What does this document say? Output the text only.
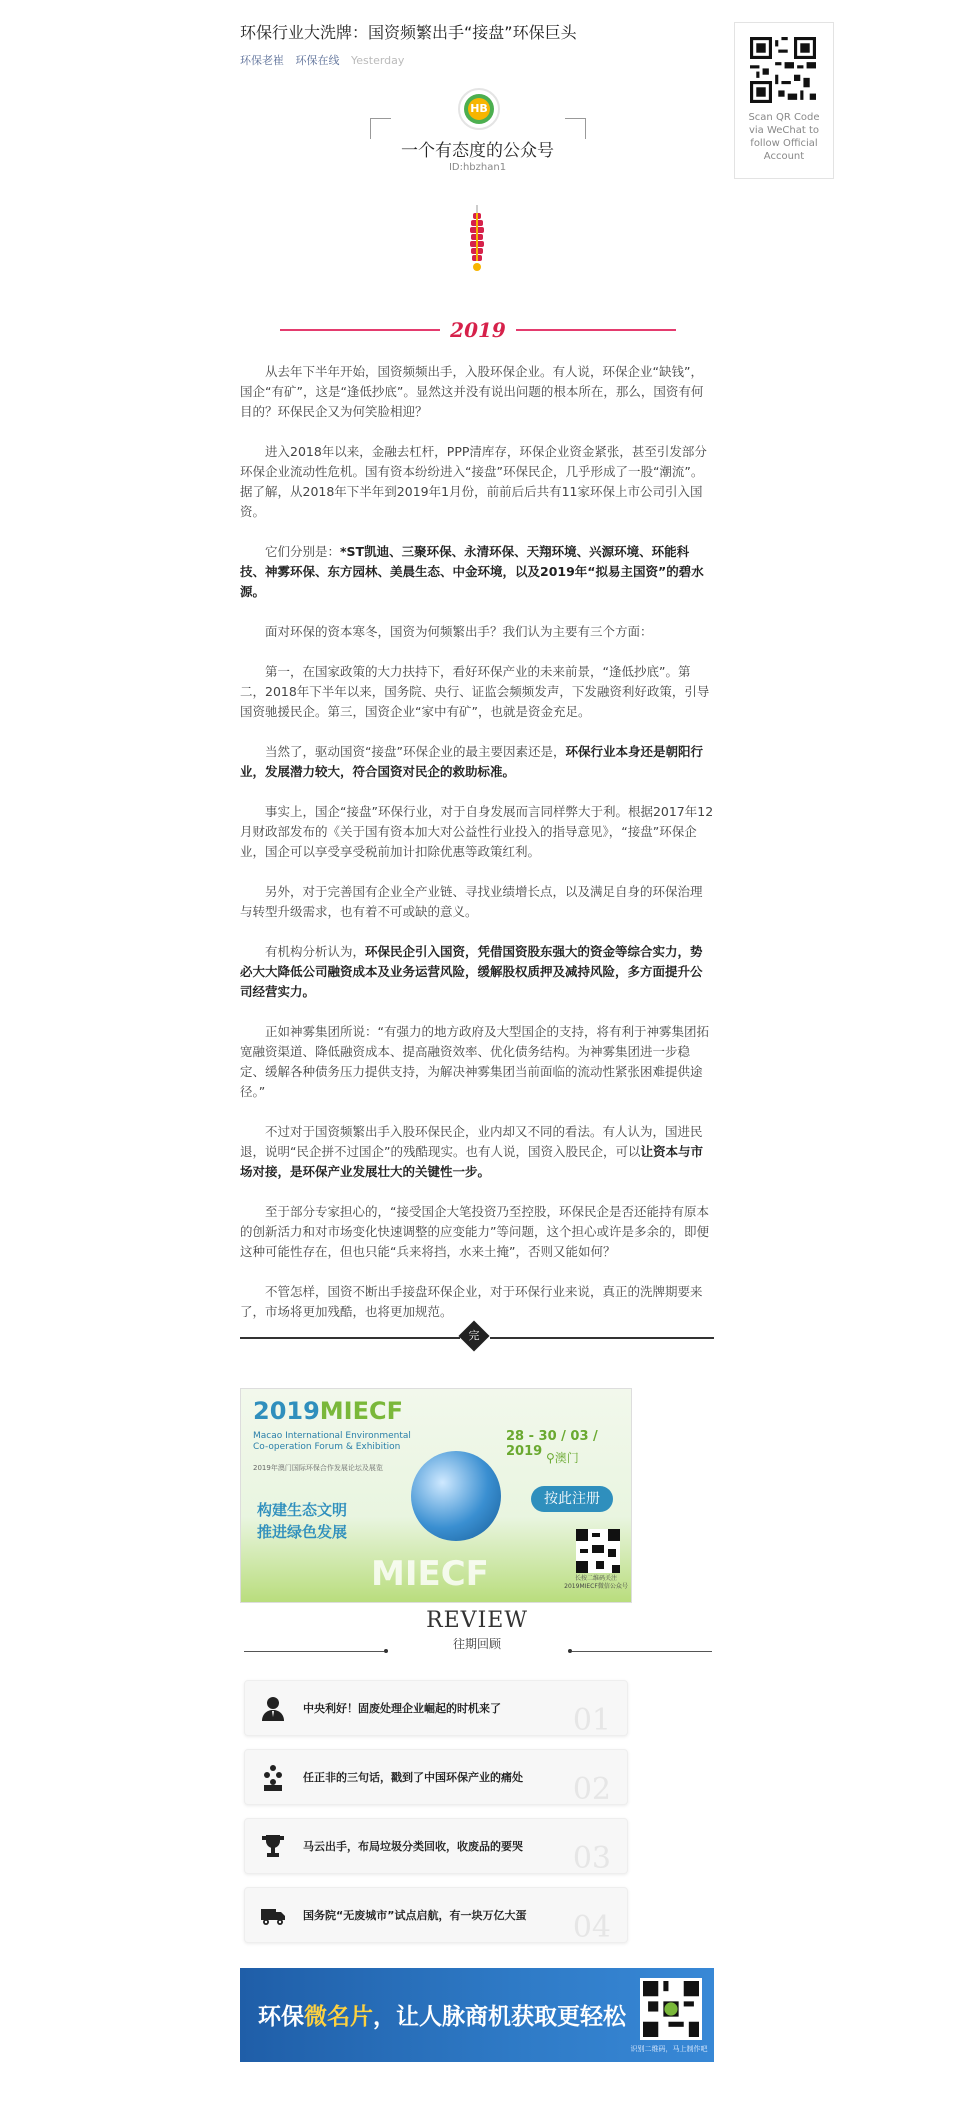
环保行业大洗牌：国资频繁出手“接盘”环保巨头
环保老崔 环保在线 Yesterday
Scan QR Code via WeChat to follow Official Account
HB
一个有态度的公众号
ID:hbzhan1
2019
从去年下半年开始，国资频频出手，入股环保企业。有人说，环保企业“缺钱”，国企“有矿”，这是“逢低抄底”。显然这并没有说出问题的根本所在，那么，国资有何目的？环保民企又为何笑脸相迎？
进入2018年以来，金融去杠杆，PPP清库存，环保企业资金紧张，甚至引发部分环保企业流动性危机。国有资本纷纷进入“接盘”环保民企，几乎形成了一股“潮流”。据了解，从2018年下半年到2019年1月份，前前后后共有11家环保上市公司引入国资。
它们分别是：*ST凯迪、三聚环保、永清环保、天翔环境、兴源环境、环能科技、神雾环保、东方园林、美晨生态、中金环境，以及2019年“拟易主国资”的碧水源。
面对环保的资本寒冬，国资为何频繁出手？我们认为主要有三个方面：
第一，在国家政策的大力扶持下，看好环保产业的未来前景，“逢低抄底”。第二，2018年下半年以来，国务院、央行、证监会频频发声，下发融资利好政策，引导国资驰援民企。第三，国资企业“家中有矿”，也就是资金充足。
当然了，驱动国资“接盘”环保企业的最主要因素还是，环保行业本身还是朝阳行业，发展潜力较大，符合国资对民企的救助标准。
事实上，国企“接盘”环保行业，对于自身发展而言同样弊大于利。根据2017年12月财政部发布的《关于国有资本加大对公益性行业投入的指导意见》，“接盘”环保企业，国企可以享受享受税前加计扣除优惠等政策红利。
另外，对于完善国有企业全产业链、寻找业绩增长点，以及满足自身的环保治理与转型升级需求，也有着不可或缺的意义。
有机构分析认为，环保民企引入国资，凭借国资股东强大的资金等综合实力，势必大大降低公司融资成本及业务运营风险，缓解股权质押及减持风险，多方面提升公司经营实力。
正如神雾集团所说：“有强力的地方政府及大型国企的支持，将有利于神雾集团拓宽融资渠道、降低融资成本、提高融资效率、优化债务结构。为神雾集团进一步稳定、缓解各种债务压力提供支持，为解决神雾集团当前面临的流动性紧张困难提供途径。”
不过对于国资频繁出手入股环保民企，业内却又不同的看法。有人认为，国进民退，说明“民企拼不过国企”的残酷现实。也有人说，国资入股民企，可以让资本与市场对接，是环保产业发展壮大的关键性一步。
至于部分专家担心的，“接受国企大笔投资乃至控股，环保民企是否还能持有原本的创新活力和对市场变化快速调整的应变能力”等问题，这个担心或许是多余的，即便这种可能性存在，但也只能“兵来将挡，水来土掩”，否则又能如何？
不管怎样，国资不断出手接盘环保企业，对于环保行业来说，真正的洗牌期要来了，市场将更加残酷，也将更加规范。
完
2019MIECF
Macao International Environmental
Co-operation Forum & Exhibition
2019年澳门国际环保合作发展论坛及展览
28 - 30 / 03 / 2019 ⚲澳门
构建生态文明
推进绿色发展
按此注册
MIECF	长按二维码关注
2019MIECF微信公众号
REVIEW
往期回顾
中央利好！固废处理企业崛起的时机来了 01
任正非的三句话，戳到了中国环保产业的痛处 02
马云出手，布局垃圾分类回收，收废品的要哭 03
国务院“无废城市”试点启航，有一块万亿大蛋 04
环保微名片，让人脉商机获取更轻松
识别二维码，马上制作吧
